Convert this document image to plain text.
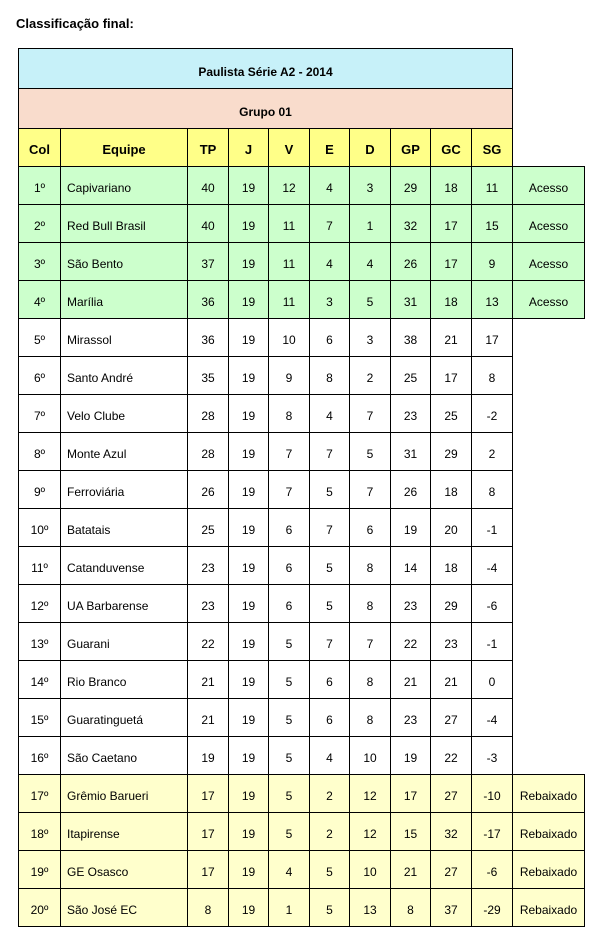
Classificação final:
Paulista Série A2 - 2014										
Grupo 01										
Col	Equipe	TP	J	V	E	D	GP	GC	SG	
1º	Capivariano	40	19	12	4	3	29	18	11	Acesso
2º	Red Bull Brasil	40	19	11	7	1	32	17	15	Acesso
3º	São Bento	37	19	11	4	4	26	17	9	Acesso
4º	Marília	36	19	11	3	5	31	18	13	Acesso
5º	Mirassol	36	19	10	6	3	38	21	17	
6º	Santo André	35	19	9	8	2	25	17	8	
7º	Velo Clube	28	19	8	4	7	23	25	-2	
8º	Monte Azul	28	19	7	7	5	31	29	2	
9º	Ferroviária	26	19	7	5	7	26	18	8	
10º	Batatais	25	19	6	7	6	19	20	-1	
11º	Catanduvense	23	19	6	5	8	14	18	-4	
12º	UA Barbarense	23	19	6	5	8	23	29	-6	
13º	Guarani	22	19	5	7	7	22	23	-1	
14º	Rio Branco	21	19	5	6	8	21	21	0	
15º	Guaratinguetá	21	19	5	6	8	23	27	-4	
16º	São Caetano	19	19	5	4	10	19	22	-3	
17º	Grêmio Barueri	17	19	5	2	12	17	27	-10	Rebaixado
18º	Itapirense	17	19	5	2	12	15	32	-17	Rebaixado
19º	GE Osasco	17	19	4	5	10	21	27	-6	Rebaixado
20º	São José EC	8	19	1	5	13	8	37	-29	Rebaixado
